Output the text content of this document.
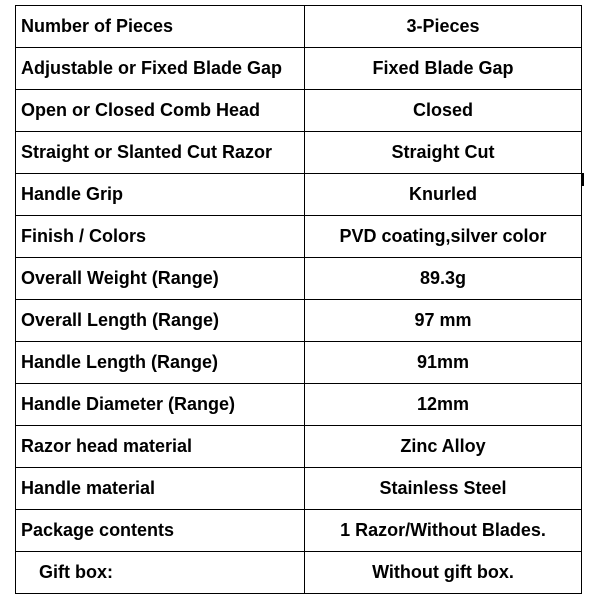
Number of Pieces	3-Pieces
Adjustable or Fixed Blade Gap	Fixed Blade Gap
Open or Closed Comb Head	Closed
Straight or Slanted Cut Razor	Straight Cut
Handle Grip	Knurled
Finish / Colors	PVD coating,silver color
Overall Weight (Range)	89.3g
Overall Length (Range)	97 mm
Handle Length (Range)	91mm
Handle Diameter (Range)	12mm
Razor head material	Zinc Alloy
Handle material	Stainless Steel
Package contents	1 Razor/Without Blades.
Gift box:	Without gift box.
